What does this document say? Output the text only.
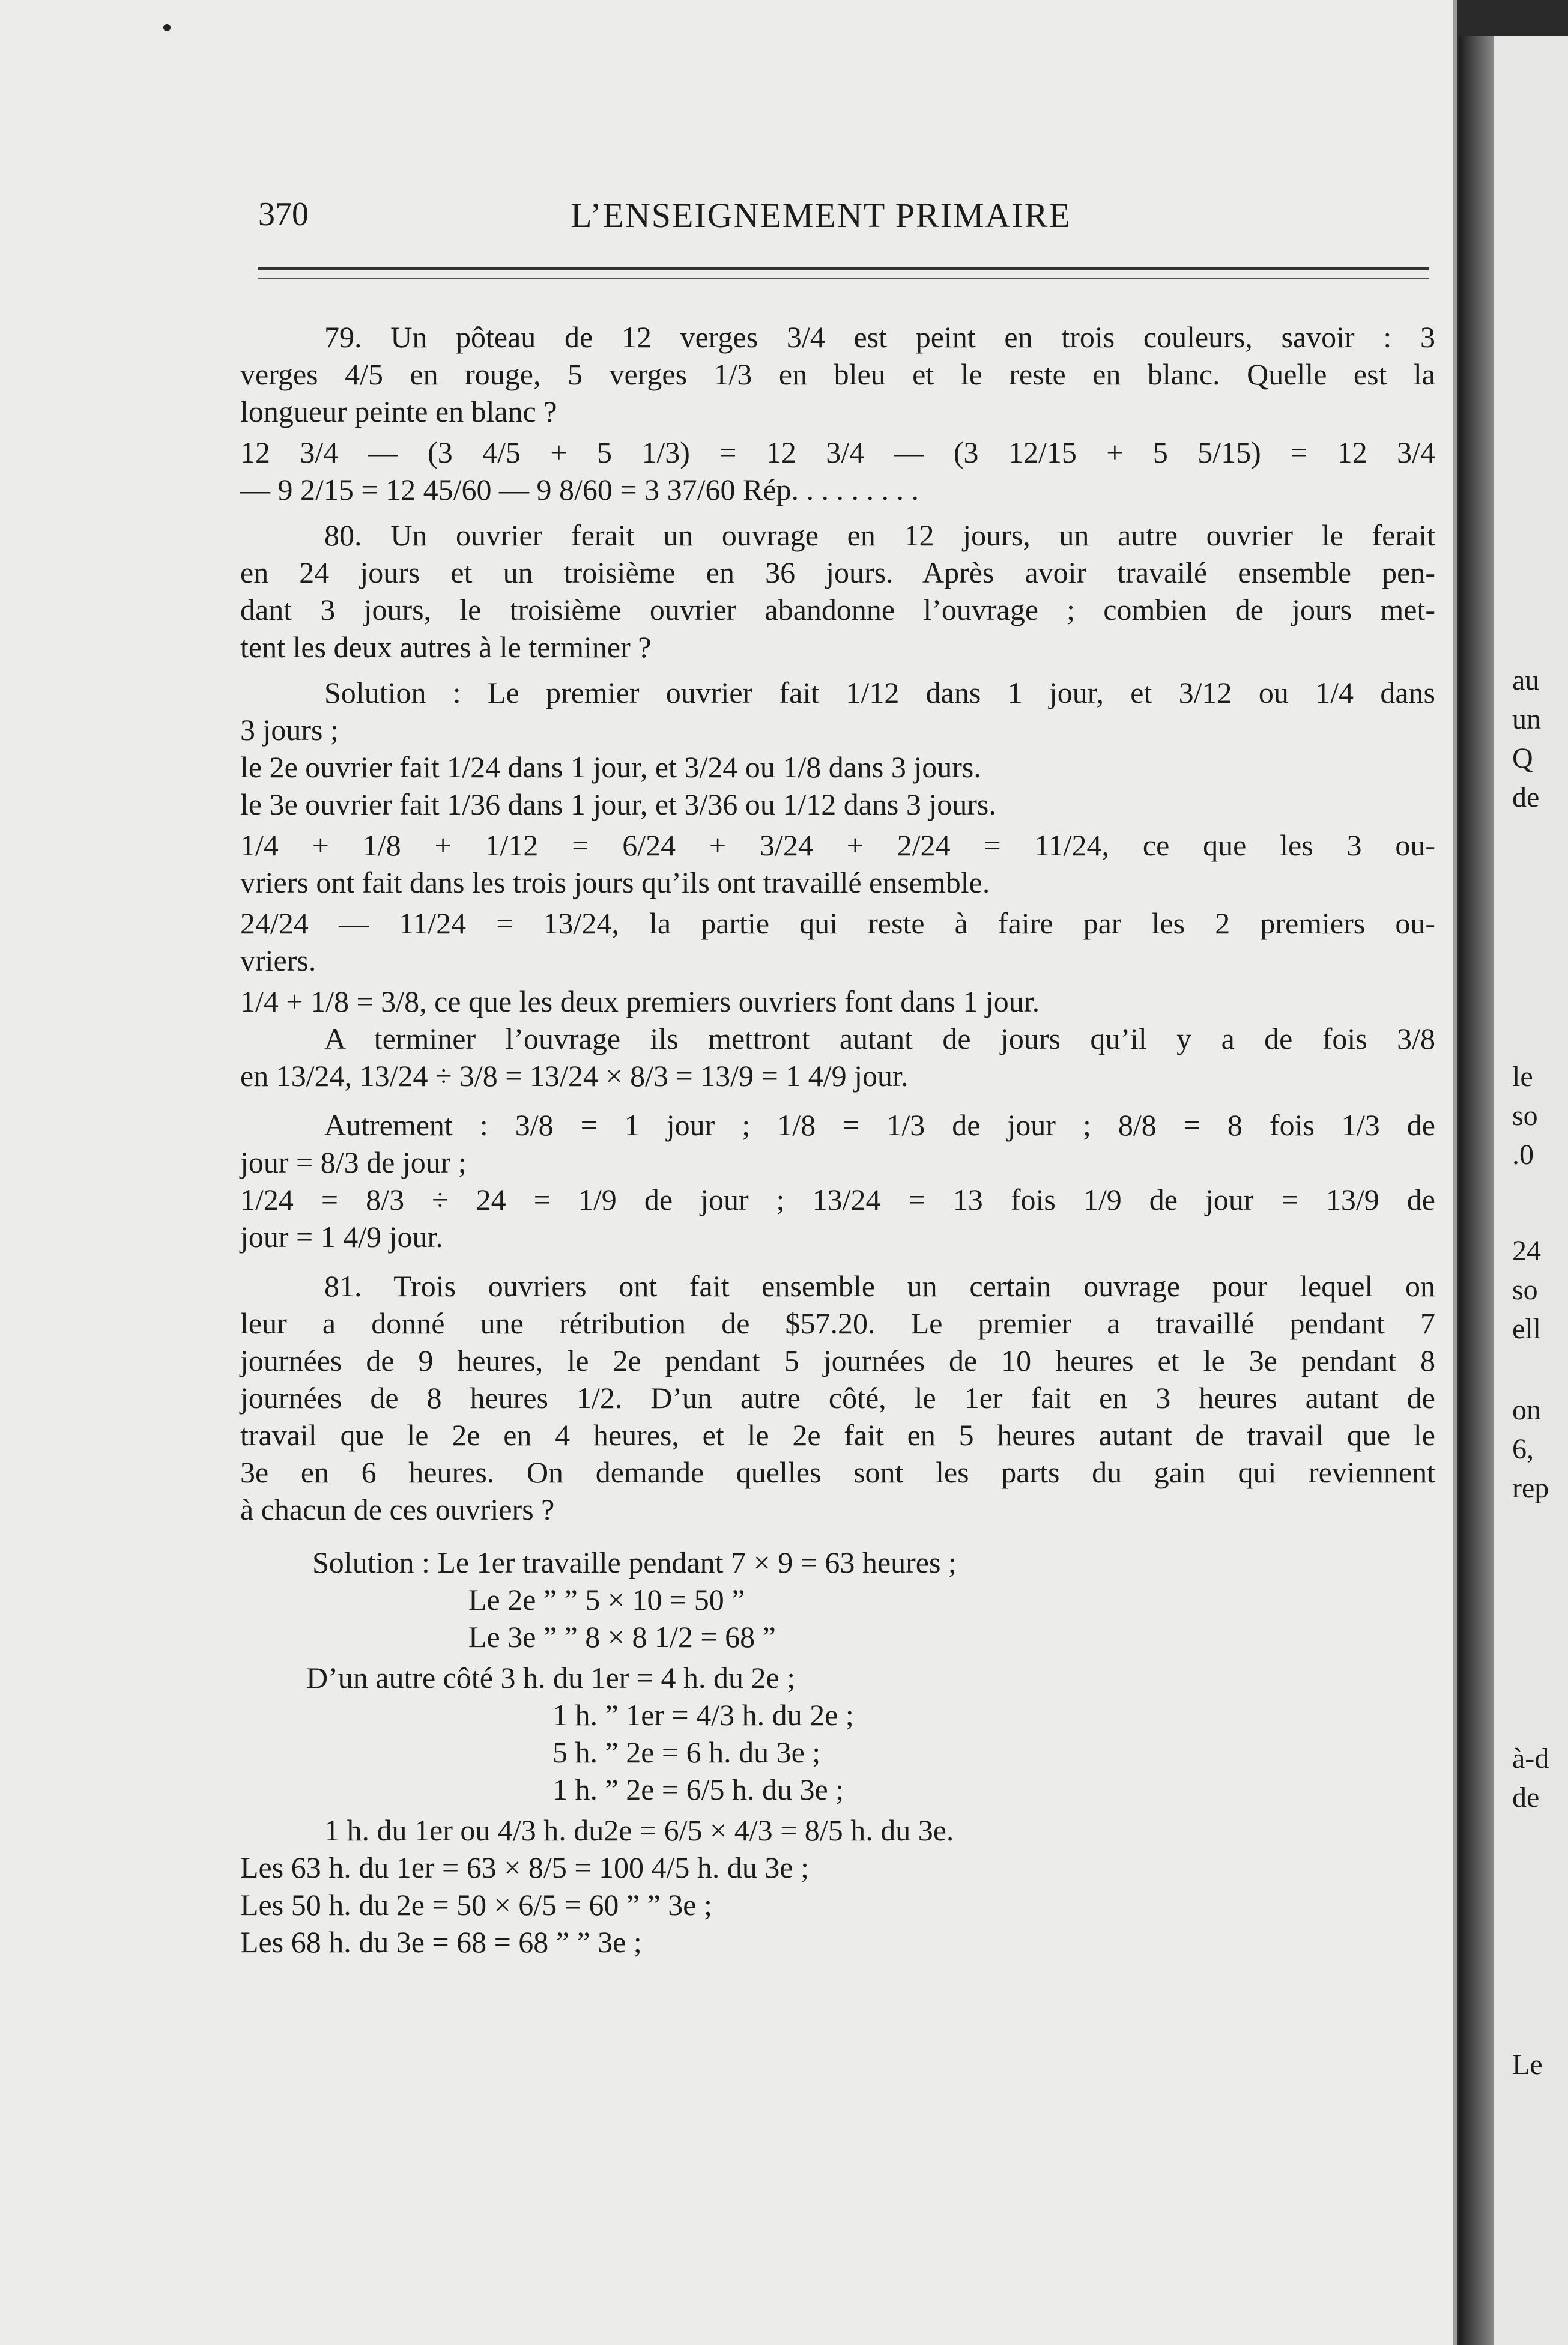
370	L’ENSEIGNEMENT PRIMAIRE
79. Un pôteau de 12 verges 3/4 est peint en trois couleurs, savoir : 3
verges 4/5 en rouge, 5 verges 1/3 en bleu et le reste en blanc. Quelle est la
longueur peinte en blanc ?
12 3/4 — (3 4/5 + 5 1/3) = 12 3/4 — (3 12/15 + 5 5/15) = 12 3/4
— 9 2/15 = 12 45/60 — 9 8/60 = 3 37/60 Rép. . . . . . . . .
80. Un ouvrier ferait un ouvrage en 12 jours, un autre ouvrier le ferait
en 24 jours et un troisième en 36 jours. Après avoir travailé ensemble pen-
dant 3 jours, le troisième ouvrier abandonne l’ouvrage ; combien de jours met-
tent les deux autres à le terminer ?
Solution : Le premier ouvrier fait 1/12 dans 1 jour, et 3/12 ou 1/4 dans
3 jours ;
le 2e ouvrier fait 1/24 dans 1 jour, et 3/24 ou 1/8 dans 3 jours.
le 3e ouvrier fait 1/36 dans 1 jour, et 3/36 ou 1/12 dans 3 jours.
1/4 + 1/8 + 1/12 = 6/24 + 3/24 + 2/24 = 11/24, ce que les 3 ou-
vriers ont fait dans les trois jours qu’ils ont travaillé ensemble.
24/24 — 11/24 = 13/24, la partie qui reste à faire par les 2 premiers ou-
vriers.
1/4 + 1/8 = 3/8, ce que les deux premiers ouvriers font dans 1 jour.
A terminer l’ouvrage ils mettront autant de jours qu’il y a de fois 3/8
en 13/24, 13/24 ÷ 3/8 = 13/24 × 8/3 = 13/9 = 1 4/9 jour.
Autrement : 3/8 = 1 jour ; 1/8 = 1/3 de jour ; 8/8 = 8 fois 1/3 de
jour = 8/3 de jour ;
1/24 = 8/3 ÷ 24 = 1/9 de jour ; 13/24 = 13 fois 1/9 de jour = 13/9 de
jour = 1 4/9 jour.
81. Trois ouvriers ont fait ensemble un certain ouvrage pour lequel on
leur a donné une rétribution de $57.20. Le premier a travaillé pendant 7
journées de 9 heures, le 2e pendant 5 journées de 10 heures et le 3e pendant 8
journées de 8 heures 1/2. D’un autre côté, le 1er fait en 3 heures autant de
travail que le 2e en 4 heures, et le 2e fait en 5 heures autant de travail que le
3e en 6 heures. On demande quelles sont les parts du gain qui reviennent
à chacun de ces ouvriers ?
Solution : Le 1er travaille pendant 7 × 9 = 63 heures ;
Le 2e ” ” 5 × 10 = 50 ”
Le 3e ” ” 8 × 8 1/2 = 68 ”
D’un autre côté 3 h. du 1er = 4 h. du 2e ;
1 h. ” 1er = 4/3 h. du 2e ;
5 h. ” 2e = 6 h. du 3e ;
1 h. ” 2e = 6/5 h. du 3e ;
1 h. du 1er ou 4/3 h. du2e = 6/5 × 4/3 = 8/5 h. du 3e.
Les 63 h. du 1er = 63 × 8/5 = 100 4/5 h. du 3e ;
Les 50 h. du 2e = 50 × 6/5 = 60 ” ” 3e ;
Les 68 h. du 3e = 68 = 68 ” ” 3e ;
au
un
Q
de
le
so
.0
24
so
ell
on
6,
rep
à-d
de
Le
